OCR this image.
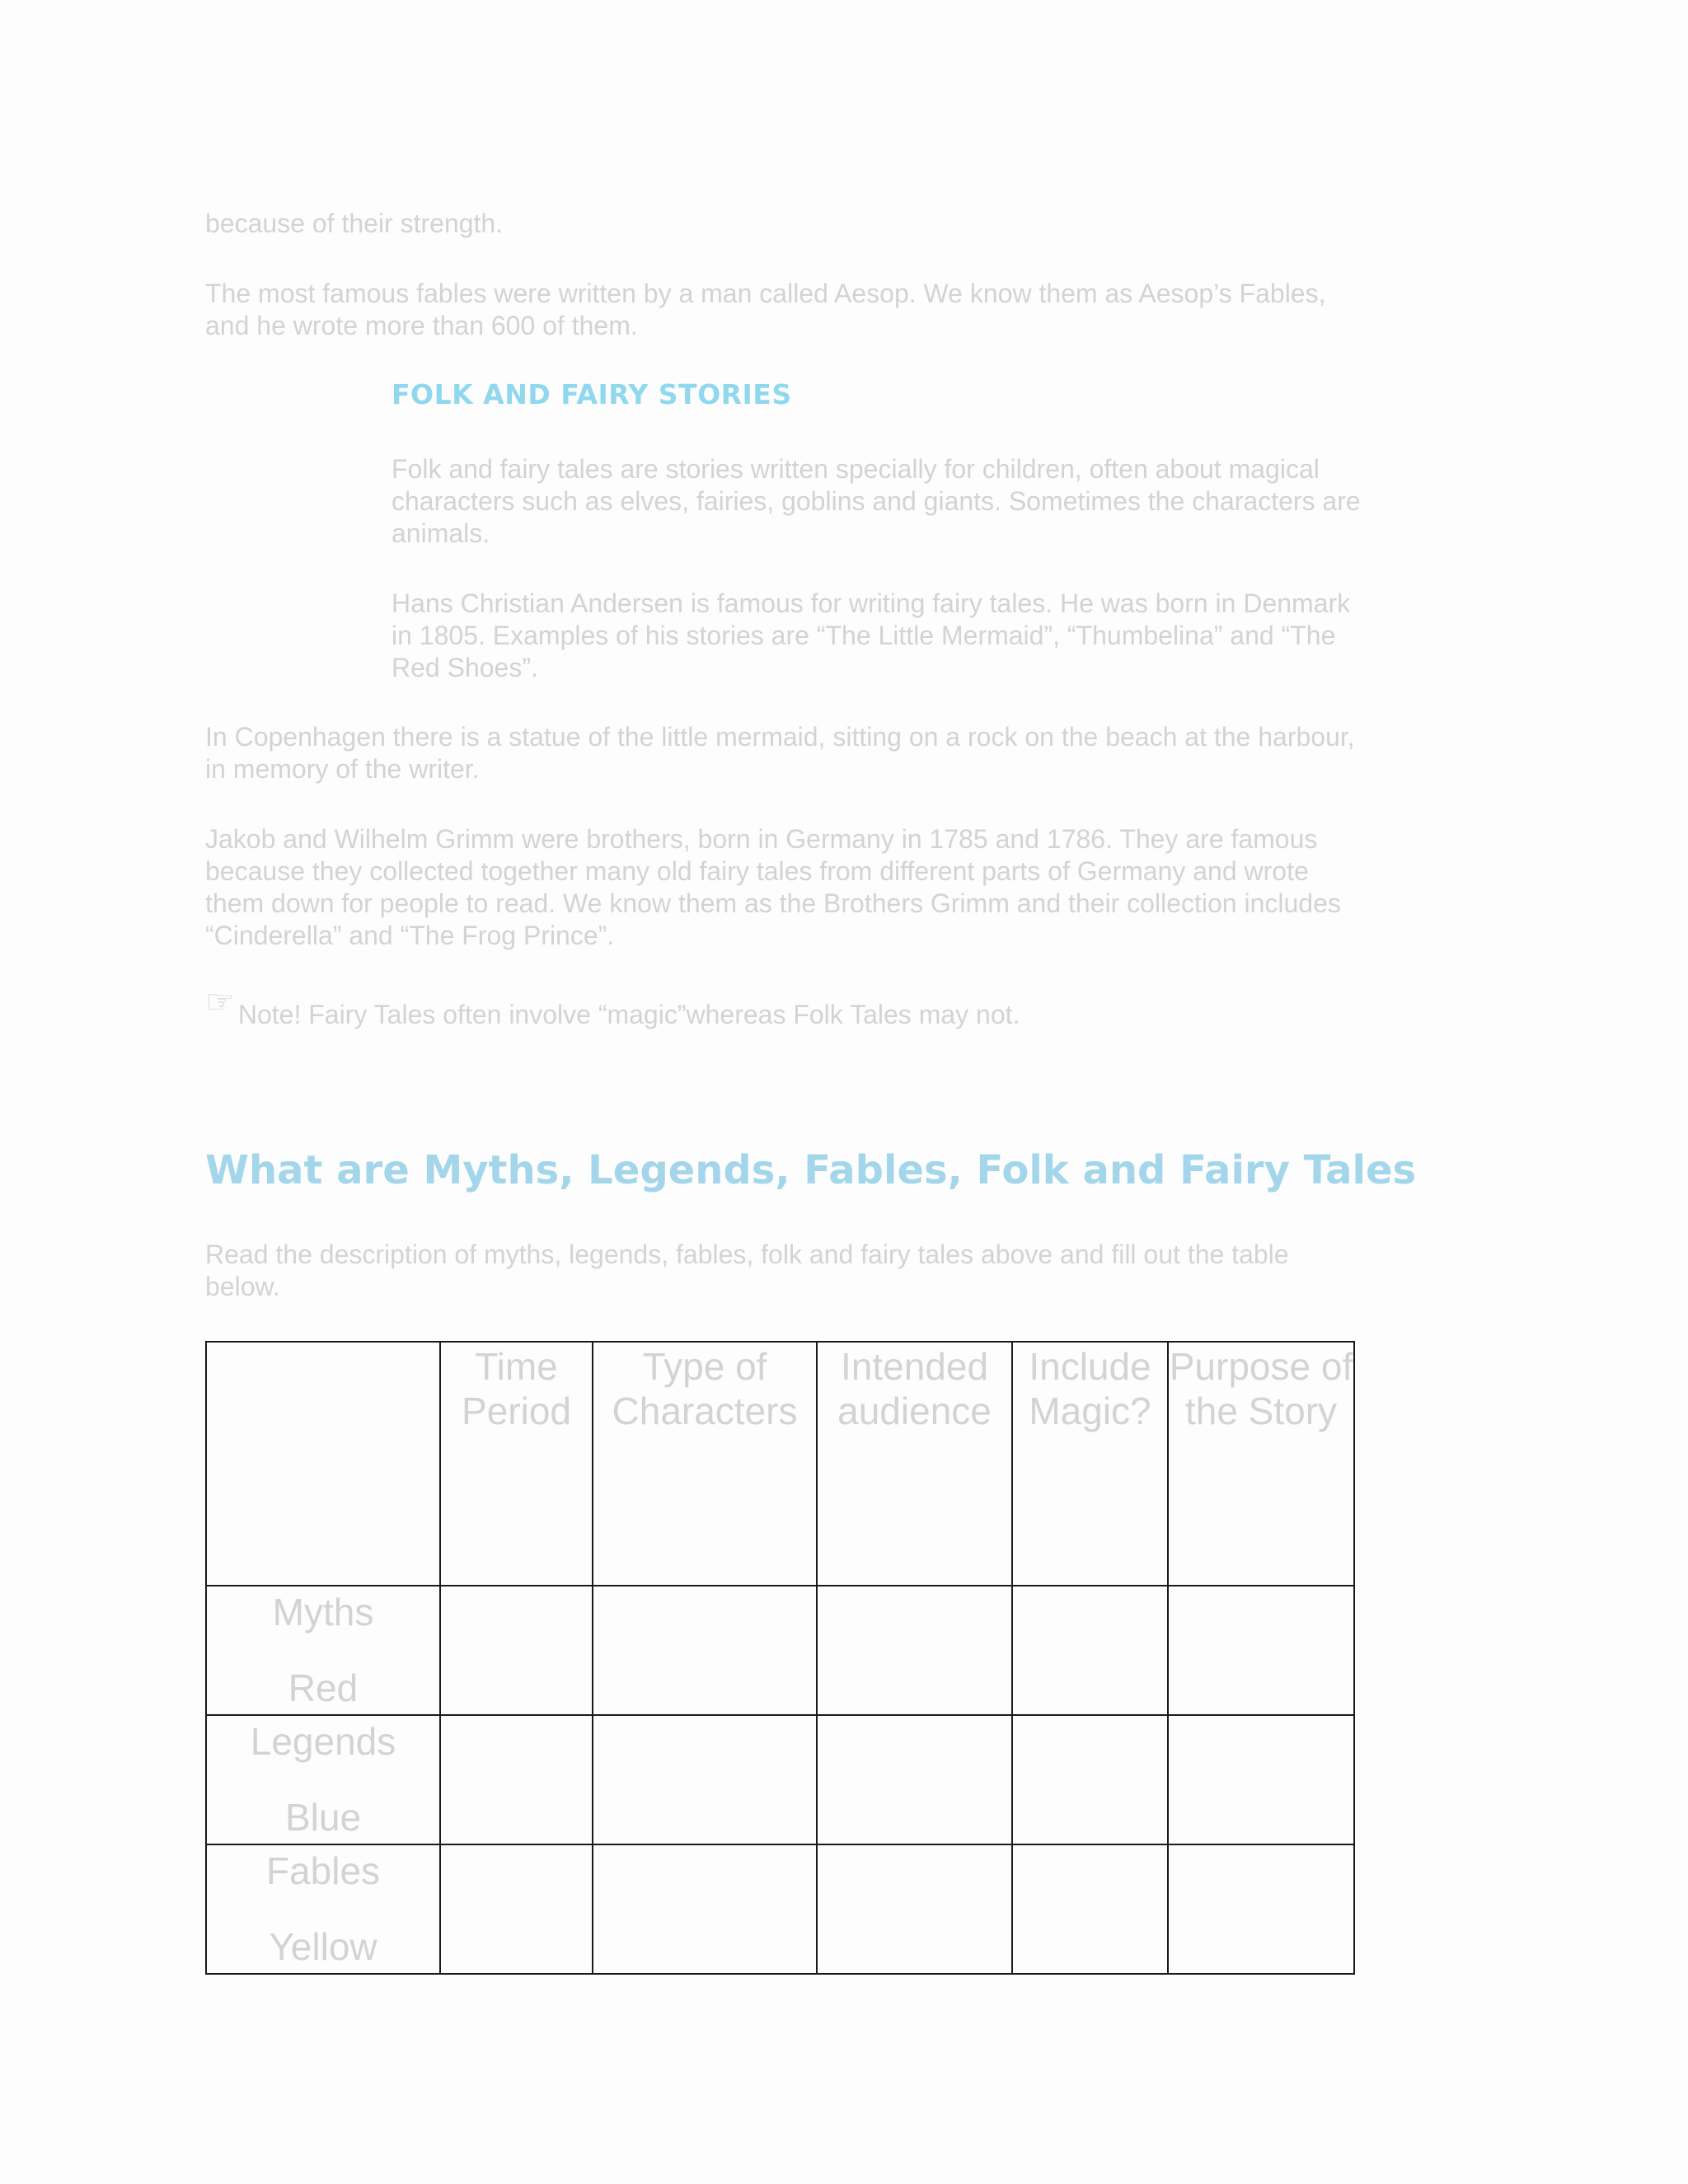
because of their strength.

The most famous fables were written by a man called Aesop. We know them as Aesop’s Fables, and he wrote more than 600 of them.

FOLK AND FAIRY STORIES

Folk and fairy tales are stories written specially for children, often about magical characters such as elves, fairies, goblins and giants. Sometimes the characters are animals.

Hans Christian Andersen is famous for writing fairy tales. He was born in Denmark in 1805. Examples of his stories are “The Little Mermaid”, “Thumbelina” and “The Red Shoes”.

In Copenhagen there is a statue of the little mermaid, sitting on a rock on the beach at the harbour, in memory of the writer.

Jakob and Wilhelm Grimm were brothers, born in Germany in 1785 and 1786. They are famous because they collected together many old fairy tales from different parts of Germany and wrote them down for people to read. We know them as the Brothers Grimm and their collection includes “Cinderella” and “The Frog Prince”.

☞ Note! Fairy Tales often involve “magic”whereas Folk Tales may not.
What are Myths, Legends, Fables, Folk and Fairy Tales

Read the description of myths, legends, fables, folk and fairy tales above and fill out the table below.

	Time Period	Type of Characters	Intended audience	Include Magic?	Purpose of the Story

Myths
Red					

Legends
Blue					

Fables
Yellow					
